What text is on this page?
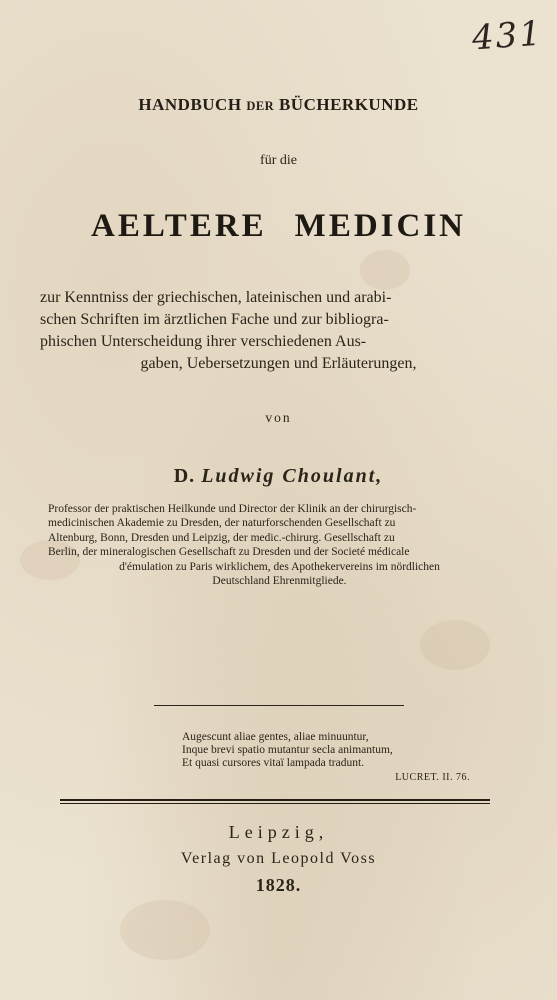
431
HANDBUCH DER BÜCHERKUNDE
für die
AELTERE MEDICIN
zur Kenntniss der griechischen, lateinischen und arabi-
schen Schriften im ärztlichen Fache und zur bibliogra-
phischen Unterscheidung ihrer verschiedenen Aus-
gaben, Uebersetzungen und Erläuterungen,
von
D. Ludwig Choulant,
Professor der praktischen Heilkunde und Director der Klinik an der chirurgisch-
medicinischen Akademie zu Dresden, der naturforschenden Gesellschaft zu
Altenburg, Bonn, Dresden und Leipzig, der medic.-chirurg. Gesellschaft zu
Berlin, der mineralogischen Gesellschaft zu Dresden und der Societé médicale
d'émulation zu Paris wirklichem, des Apothekervereins im nördlichen
Deutschland Ehrenmitgliede.
Augescunt aliae gentes, aliae minuuntur,
Inque brevi spatio mutantur secla animantum,
Et quasi cursores vitaï lampada tradunt.
LUCRET. II. 76.
Leipzig,
Verlag von Leopold Voss
1828.
